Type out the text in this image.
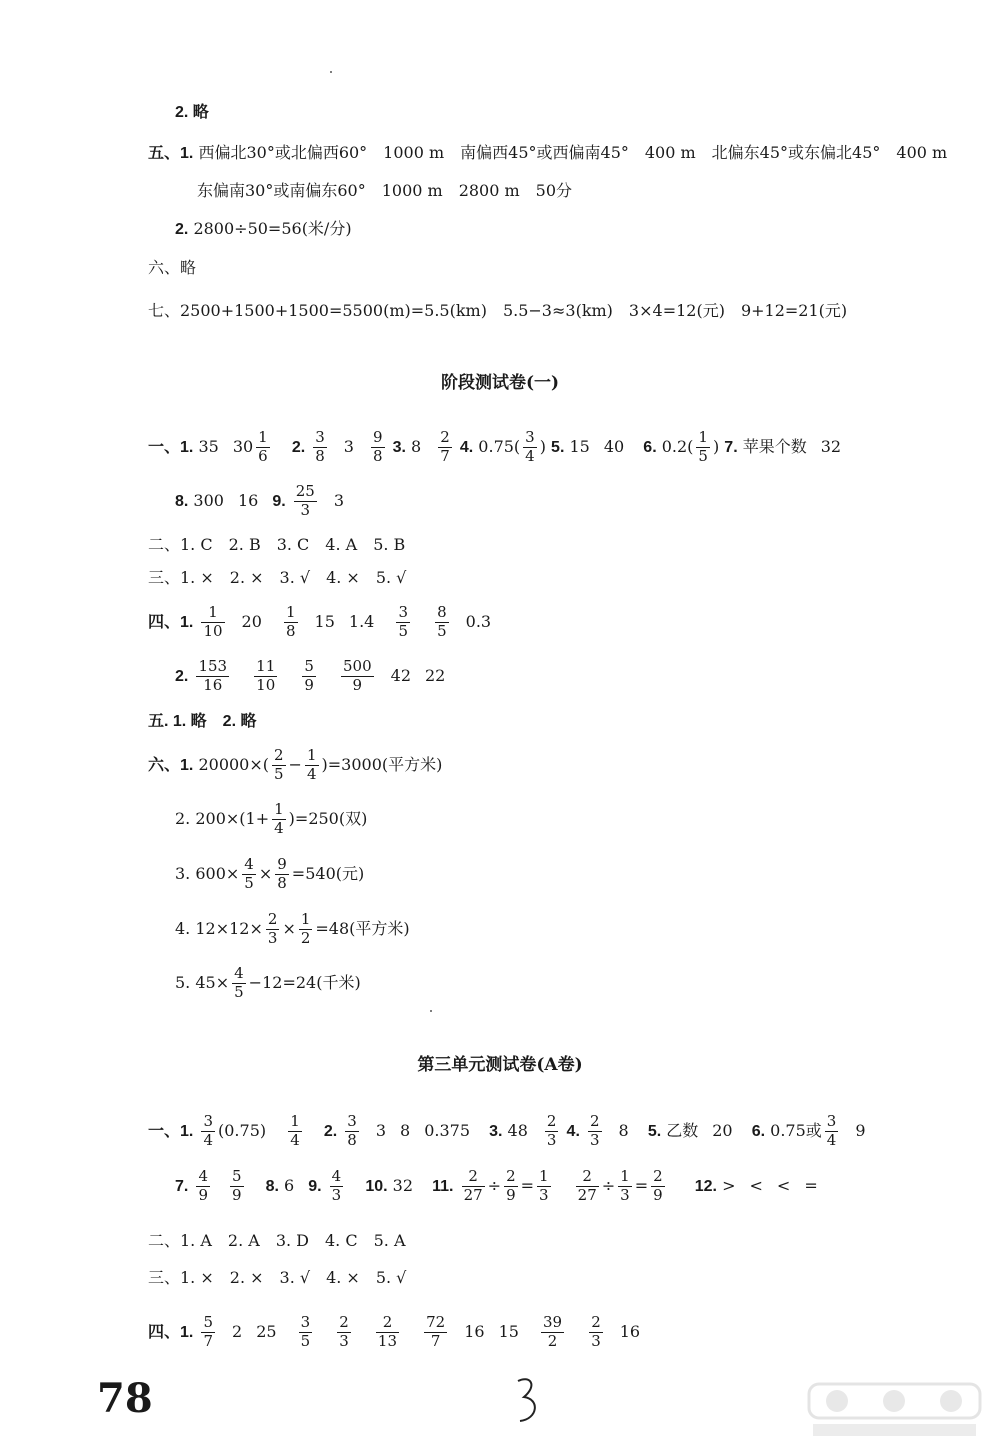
2. 略
五、1. 西偏北30°或北偏西60°　1000 m　南偏西45°或西偏南45°　400 m　北偏东45°或东偏北45°　400 m
东偏南30°或南偏东60°　1000 m　2800 m　50分
2. 2800÷50=56(米/分)
六、略
七、2500+1500+1500=5500(m)=5.5(km)　5.5−3≈3(km)　3×4=12(元)　9+12=21(元)
阶段测试卷(一)
一、1. 35 $30 \frac{1}{6} 2$. $\frac{3}{8} 3 \frac{9}{8} 3$. $8 \frac{2}{7} 4$. $0.75( \frac{3}{4}$ ) 5. 15 40 6. $0.2( \frac{1}{5}$ ) 7. 苹果个数 32
8. 300 16 9. $\frac{25}{3} 3$
二、1. C　2. B　3. C　4. A　5. B
三、1. ×　2. ×　3. √　4. ×　5. √
四、1. $\frac{1}{10} 20 \frac{1}{8} 15$ $1.4 \frac{3}{5}$
$\frac{8}{5} 0.3$
2. $\frac{153}{16}$
$\frac{11}{10}$
$\frac{5}{9}$
$\frac{500}{9} 42$ 22
五. 1. 略　2. 略
六、1. $20000\times( \frac{2}{5} - \frac{1}{4} )=3000$(平方米)
2. $200\times(1+ \frac{1}{4} )=250$(双)
3. $600\times \frac{4}{5} \times \frac{9}{8} =540$(元)
4. $12\times 12\times \frac{2}{3} \times \frac{1}{2} =48$(平方米)
5. $45\times \frac{4}{5} -12=24$(千米)
第三单元测试卷(A卷)
一、1. $\frac{3}{4} (0.75) \frac{1}{4} 2$. $\frac{3}{8} 3$ 8 0.375 3. $48 \frac{2}{3} 4$. $\frac{2}{3} 8$ 5. 乙数 20 6. 0.75或 $\frac{3}{4} 9$
7. $\frac{4}{9} \frac{5}{9} 8$. 6 9. $\frac{4}{3} 10$. 32 11. $\frac{2}{27} \div \frac{2}{9} = \frac{1}{3}$
$\frac{2}{27} \div \frac{1}{3} = \frac{2}{9} 12$. > < < =
二、1. A　2. A　3. D　4. C　5. A
三、1. ×　2. ×　3. √　4. ×　5. √
四、1. $\frac{5}{7} 2$ $25 \frac{3}{5}$
$\frac{2}{3}$
$\frac{2}{13}$
$\frac{72}{7} 16$ $15 \frac{39}{2}$
$\frac{2}{3} 16$
78
